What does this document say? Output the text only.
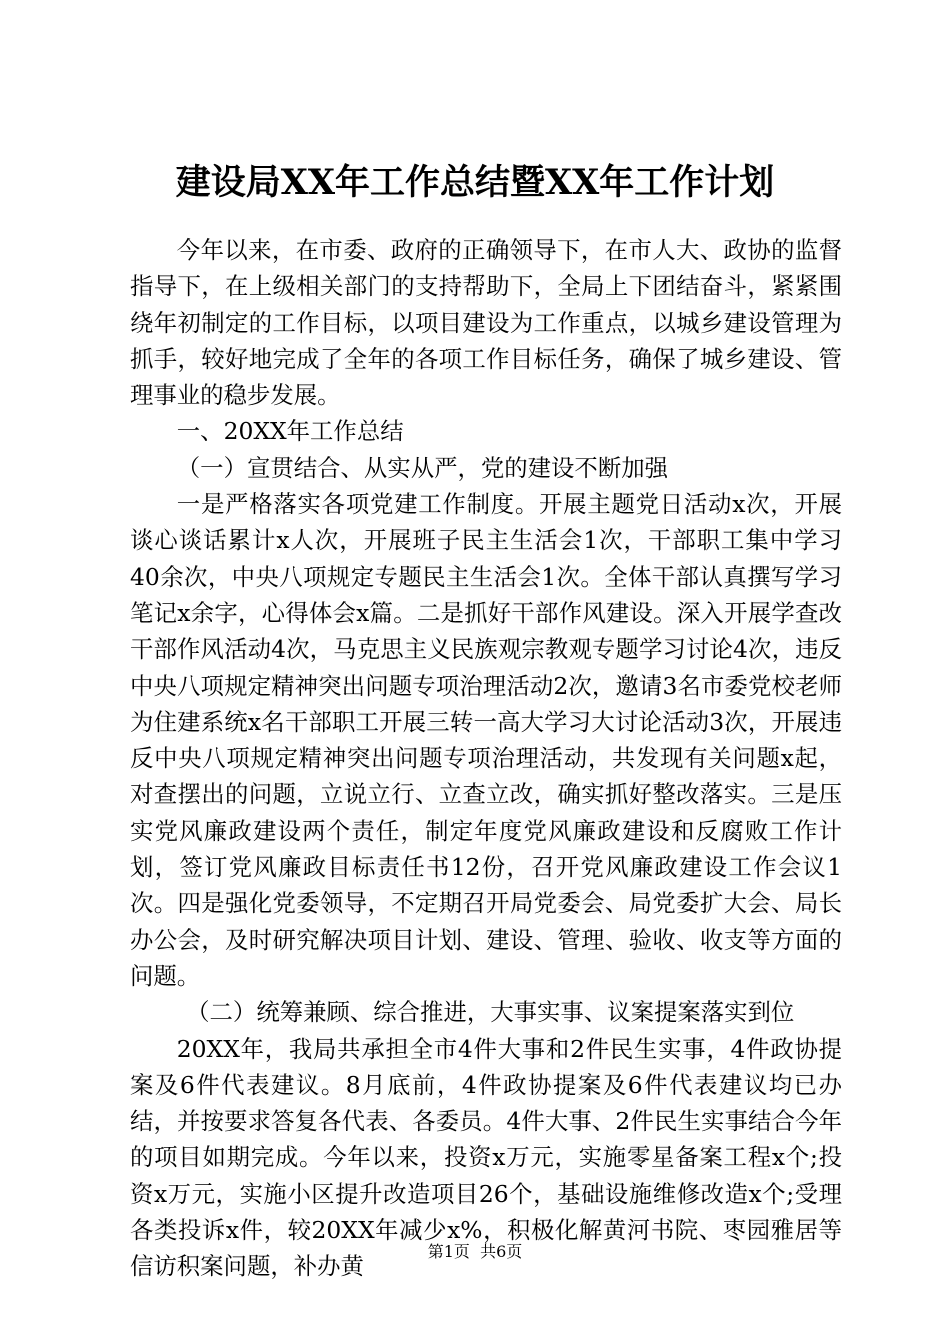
建设局XX年工作总结暨XX年工作计划

今年以来，在市委、政府的正确领导下，在市人大、政协的监督指导下，在上级相关部门的支持帮助下，全局上下团结奋斗，紧紧围绕年初制定的工作目标，以项目建设为工作重点，以城乡建设管理为抓手，较好地完成了全年的各项工作目标任务，确保了城乡建设、管理事业的稳步发展。

一、20XX年工作总结

（一）宣贯结合、从实从严，党的建设不断加强

一是严格落实各项党建工作制度。开展主题党日活动x次，开展谈心谈话累计x人次，开展班子民主生活会1次，干部职工集中学习40余次，中央八项规定专题民主生活会1次。全体干部认真撰写学习笔记x余字，心得体会x篇。二是抓好干部作风建设。深入开展学查改干部作风活动4次，马克思主义民族观宗教观专题学习讨论4次，违反中央八项规定精神突出问题专项治理活动2次，邀请3名市委党校老师为住建系统x名干部职工开展三转一高大学习大讨论活动3次，开展违反中央八项规定精神突出问题专项治理活动，共发现有关问题x起，对查摆出的问题，立说立行、立查立改，确实抓好整改落实。三是压实党风廉政建设两个责任，制定年度党风廉政建设和反腐败工作计划，签订党风廉政目标责任书12份，召开党风廉政建设工作会议1次。四是强化党委领导，不定期召开局党委会、局党委扩大会、局长办公会，及时研究解决项目计划、建设、管理、验收、收支等方面的问题。

（二）统筹兼顾、综合推进，大事实事、议案提案落实到位

20XX年，我局共承担全市4件大事和2件民生实事，4件政协提案及6件代表建议。8月底前，4件政协提案及6件代表建议均已办结，并按要求答复各代表、各委员。4件大事、2件民生实事结合今年的项目如期完成。今年以来，投资x万元，实施零星备案工程x个;投资x万元，实施小区提升改造项目26个，基础设施维修改造x个;受理各类投诉x件，较20XX年减少x%，积极化解黄河书院、枣园雅居等信访积案问题，补办黄

第1页  共6页
